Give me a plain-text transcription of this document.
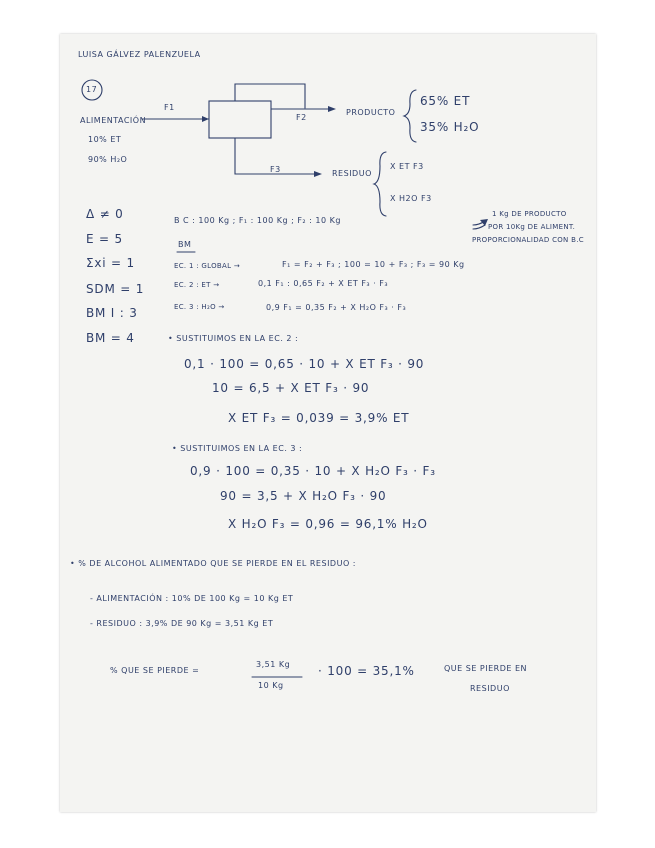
LUISA GÁLVEZ PALENZUELA
17
ALIMENTACIÓN
F1
10% ET
90% H₂O
F2
PRODUCTO
65% ET
35% H₂O
F3	RESIDUO
X ET F3
X H2O F3
Δ ≠ 0
E = 5
Σxi = 1
SDM = 1
BM I : 3
BM = 4
B C : 100 Kg ; F₁ : 100 Kg ; F₂ : 10 Kg
1 Kg DE PRODUCTO
POR 10Kg DE ALIMENT.
PROPORCIONALIDAD CON B.C
BM
EC. 1 : GLOBAL →	F₁ = F₂ + F₃ ; 100 = 10 + F₃ ; F₃ = 90 Kg
EC. 2 : ET →	0,1 F₁ : 0,65 F₂ + X ET F₃ · F₃
EC. 3 : H₂O →	0,9 F₁ = 0,35 F₂ + X H₂O F₃ · F₃
• SUSTITUIMOS EN LA EC. 2 :
0,1 · 100 = 0,65 · 10 + X ET F₃ · 90
10 = 6,5 + X ET F₃ · 90
X ET F₃ = 0,039 = 3,9% ET
• SUSTITUIMOS EN LA EC. 3 :
0,9 · 100 = 0,35 · 10 + X H₂O F₃ · F₃
90 = 3,5 + X H₂O F₃ · 90
X H₂O F₃ = 0,96 = 96,1% H₂O
• % DE ALCOHOL ALIMENTADO QUE SE PIERDE EN EL RESIDUO :
- ALIMENTACIÓN : 10% DE 100 Kg = 10 Kg ET
- RESIDUO : 3,9% DE 90 Kg = 3,51 Kg ET
% QUE SE PIERDE =
3,51 Kg
10 Kg
· 100 = 35,1%	QUE SE PIERDE EN
RESIDUO
